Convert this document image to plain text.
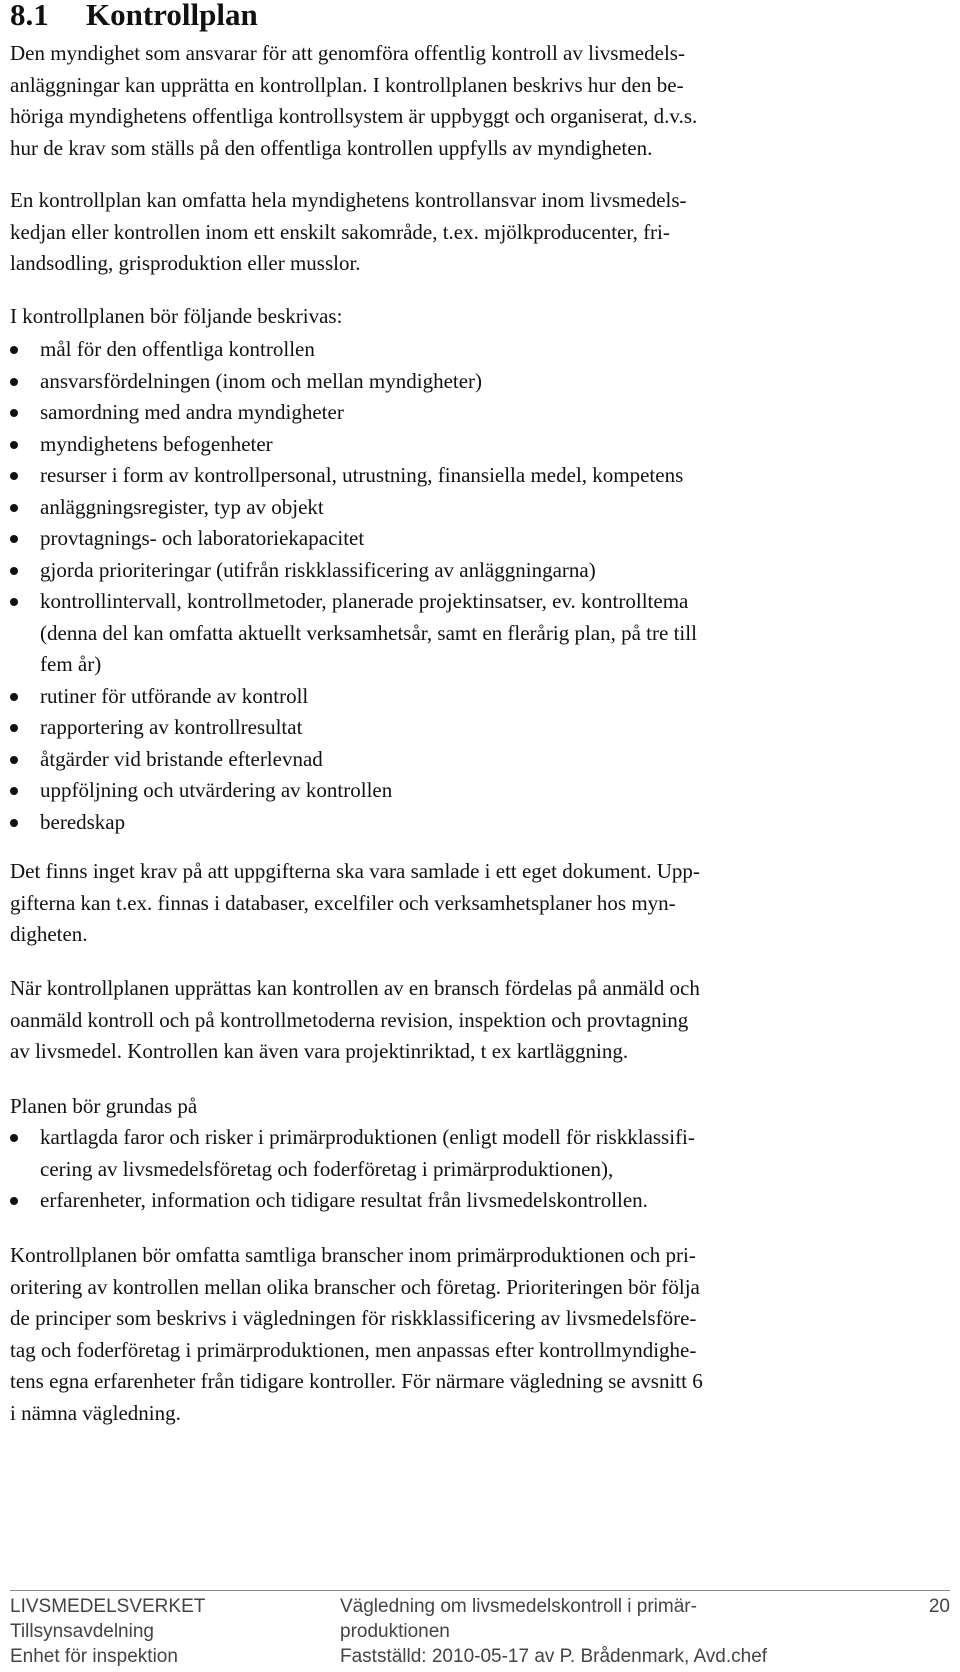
8.1 Kontrollplan

Den myndighet som ansvarar för att genomföra offentlig kontroll av livsmedels-
anläggningar kan upprätta en kontrollplan. I kontrollplanen beskrivs hur den be-
höriga myndighetens offentliga kontrollsystem är uppbyggt och organiserat, d.v.s.
hur de krav som ställs på den offentliga kontrollen uppfylls av myndigheten.

En kontrollplan kan omfatta hela myndighetens kontrollansvar inom livsmedels-
kedjan eller kontrollen inom ett enskilt sakområde, t.ex. mjölkproducenter, fri-
landsodling, grisproduktion eller musslor.

I kontrollplanen bör följande beskrivas:

mål för den offentliga kontrollen
ansvarsfördelningen (inom och mellan myndigheter)
samordning med andra myndigheter
myndighetens befogenheter
resurser i form av kontrollpersonal, utrustning, finansiella medel, kompetens
anläggningsregister, typ av objekt
provtagnings- och laboratoriekapacitet
gjorda prioriteringar (utifrån riskklassificering av anläggningarna)
kontrollintervall, kontrollmetoder, planerade projektinsatser, ev. kontrolltema
(denna del kan omfatta aktuellt verksamhetsår, samt en flerårig plan, på tre till
fem år)
rutiner för utförande av kontroll
rapportering av kontrollresultat
åtgärder vid bristande efterlevnad
uppföljning och utvärdering av kontrollen
beredskap

Det finns inget krav på att uppgifterna ska vara samlade i ett eget dokument. Upp-
gifterna kan t.ex. finnas i databaser, excelfiler och verksamhetsplaner hos myn-
digheten.

När kontrollplanen upprättas kan kontrollen av en bransch fördelas på anmäld och
oanmäld kontroll och på kontrollmetoderna revision, inspektion och provtagning
av livsmedel. Kontrollen kan även vara projektinriktad, t ex kartläggning.

Planen bör grundas på

kartlagda faror och risker i primärproduktionen (enligt modell för riskklassifi-
cering av livsmedelsföretag och foderföretag i primärproduktionen),
erfarenheter, information och tidigare resultat från livsmedelskontrollen.

Kontrollplanen bör omfatta samtliga branscher inom primärproduktionen och pri-
oritering av kontrollen mellan olika branscher och företag. Prioriteringen bör följa
de principer som beskrivs i vägledningen för riskklassificering av livsmedelsföre-
tag och foderföretag i primärproduktionen, men anpassas efter kontrollmyndighe-
tens egna erfarenheter från tidigare kontroller. För närmare vägledning se avsnitt 6
i nämna vägledning.

LIVSMEDELSVERKET
Tillsynsavdelning
Enhet för inspektion
Vägledning om livsmedelskontroll i primär-
produktionen
Fastställd: 2010-05-17 av P. Brådenmark, Avd.chef
20
